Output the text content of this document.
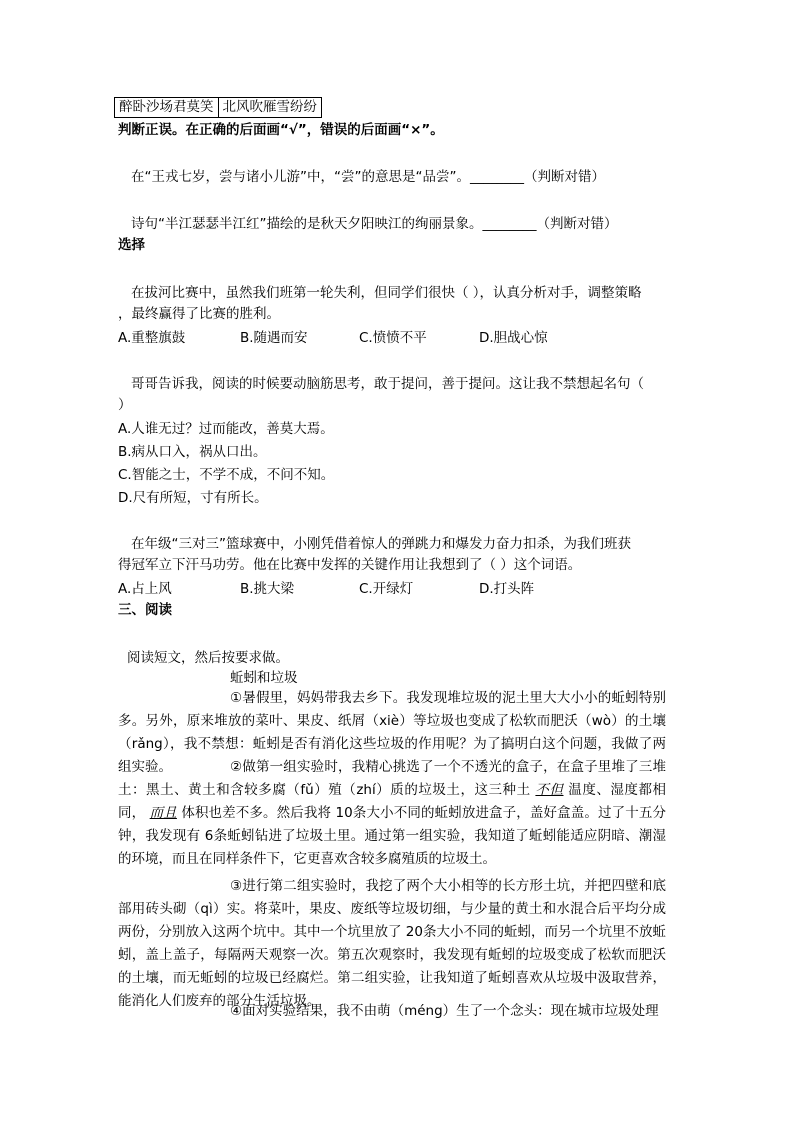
醉卧沙场君莫笑	北风吹雁雪纷纷
判断正误。在正确的后面画“√”，错误的后面画“×”。
在“王戎七岁，尝与诸小儿游”中，“尝”的意思是“品尝”。________（判断对错）
诗句“半江瑟瑟半江红”描绘的是秋天夕阳映江的绚丽景象。________（判断对错）
选择
在拔河比赛中，虽然我们班第一轮失利，但同学们很快（ ），认真分析对手，调整策略
，最终赢得了比赛的胜利。
A.重整旗鼓	B.随遇而安	C.愤愤不平	D.胆战心惊
哥哥告诉我，阅读的时候要动脑筋思考，敢于提问，善于提问。这让我不禁想起名句（
）
A.人谁无过？过而能改，善莫大焉。
B.病从口入，祸从口出。
C.智能之士，不学不成，不问不知。
D.尺有所短，寸有所长。
在年级“三对三”篮球赛中，小刚凭借着惊人的弹跳力和爆发力奋力扣杀，为我们班获
得冠军立下汗马功劳。他在比赛中发挥的关键作用让我想到了（ ）这个词语。
A.占上风	B.挑大梁	C.开绿灯	D.打头阵
三、阅读
阅读短文，然后按要求做。
蚯蚓和垃圾
①暑假里，妈妈带我去乡下。我发现堆垃圾的泥土里大大小小的蚯蚓特别多。另外，原来堆放的菜叶、果皮、纸屑（xiè）等垃圾也变成了松软而肥沃（wò）的土壤（rǎng），我不禁想：蚯蚓是否有消化这些垃圾的作用呢？为了搞明白这个问题，我做了两组实验。	②做第一组实验时，我精心挑选了一个不透光的盒子，在盒子里堆了三堆土：黑土、黄土和含较多腐（fǔ）殖（zhí）质的垃圾土，这三种土 不但 温度、湿度都相同， 而且 体积也差不多。然后我将 10条大小不同的蚯蚓放进盒子，盖好盒盖。过了十五分钟，我发现有 6条蚯蚓钻进了垃圾土里。通过第一组实验，我知道了蚯蚓能适应阴暗、潮湿的环境，而且在同样条件下，它更喜欢含较多腐殖质的垃圾土。
③进行第二组实验时，我挖了两个大小相等的长方形土坑，并把四壁和底部用砖头砌（qì）实。将菜叶，果皮、废纸等垃圾切细，与少量的黄土和水混合后平均分成两份，分别放入这两个坑中。其中一个坑里放了 20条大小不同的蚯蚓，而另一个坑里不放蚯蚓，盖上盖子，每隔两天观察一次。第五次观察时，我发现有蚯蚓的垃圾变成了松软而肥沃的土壤，而无蚯蚓的垃圾已经腐烂。第二组实验，让我知道了蚯蚓喜欢从垃圾中汲取营养，能消化人们废弃的部分生活垃圾。
④面对实验结果，我不由萌（méng）生了一个念头：现在城市垃圾处理
